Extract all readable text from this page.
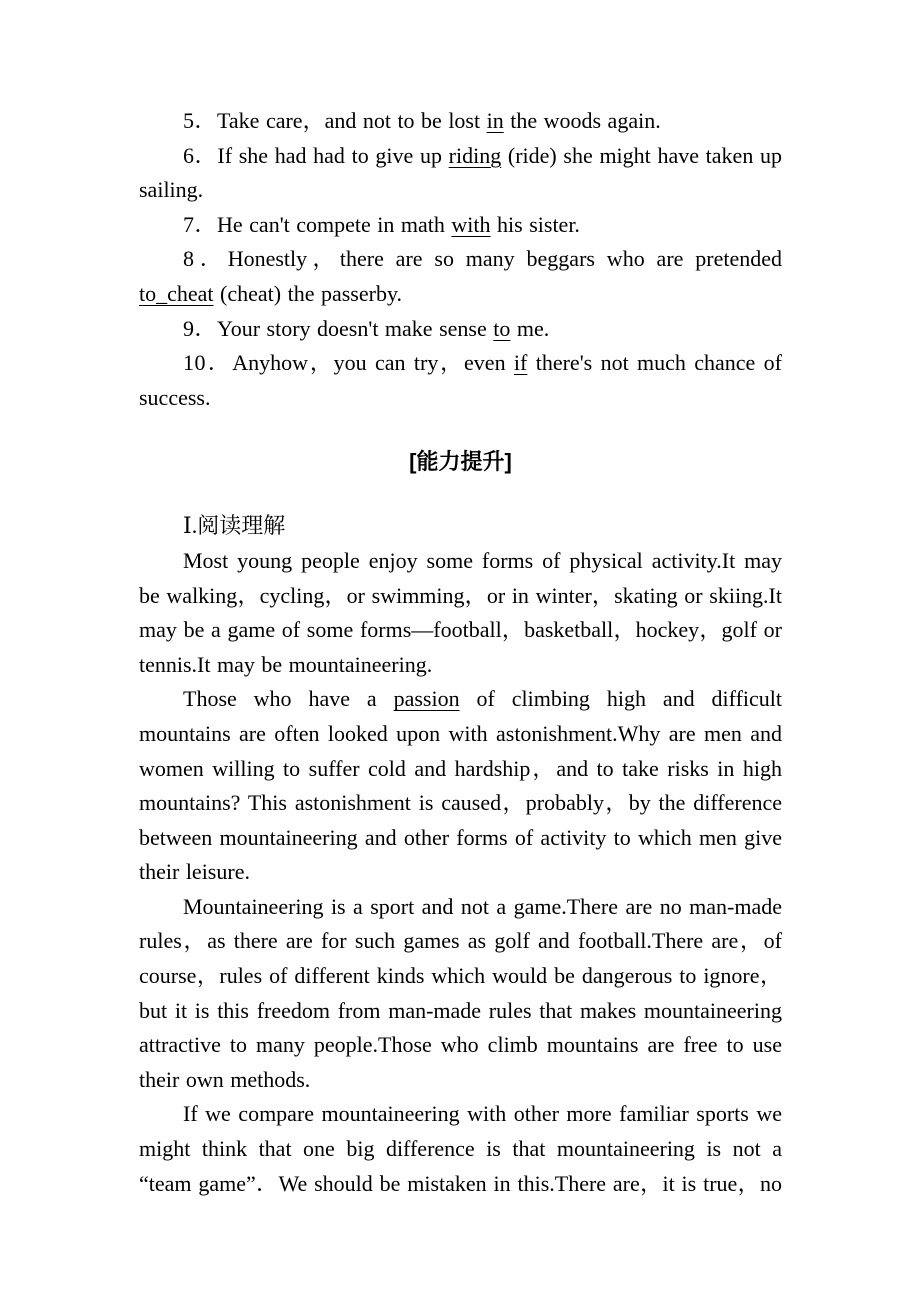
5．Take care，and not to be lost in the woods again.

6．If she had had to give up riding (ride) she might have taken up sailing.

7．He can't compete in math with his sister.

8．Honestly，there are so many beggars who are pretended to_cheat (cheat) the passerby.

9．Your story doesn't make sense to me.

10．Anyhow，you can try，even if there's not much chance of success.

[能力提升]
Ⅰ.阅读理解

Most young people enjoy some forms of physical activity.It may be walking，cycling，or swimming，or in winter，skating or skiing.It may be a game of some forms—football，basketball，hockey，golf or tennis.It may be mountaineering.

Those who have a passion of climbing high and difficult mountains are often looked upon with astonishment.Why are men and women willing to suffer cold and hardship，and to take risks in high mountains? This astonishment is caused，probably，by the difference between mountaineering and other forms of activity to which men give their leisure.

Mountaineering is a sport and not a game.There are no man-made rules，as there are for such games as golf and football.There are，of course，rules of different kinds which would be dangerous to ignore，but it is this freedom from man-made rules that makes mountaineering attractive to many people.Those who climb mountains are free to use their own methods.

If we compare mountaineering with other more familiar sports we might think that one big difference is that mountaineering is not a “team game”．We should be mistaken in this.There are，it is true，no
